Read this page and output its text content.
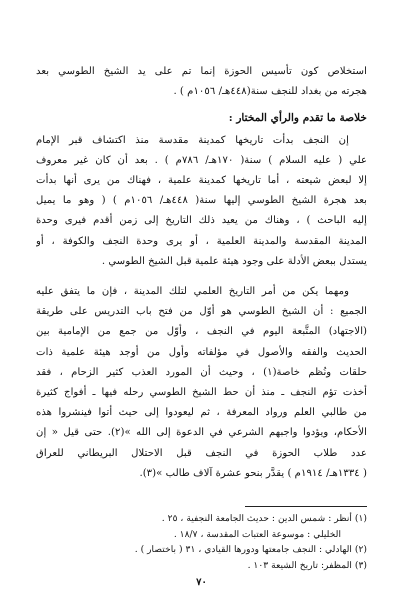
استخلاص كون تأسيس الحوزة إنما تم على يد الشيخ الطوسي بعد
هجرته من بغداد للنجف سنة(٤٤٨هـ/ ١٠٥٦م ) .

خلاصة ما تقدم والرأي المختار :

إن النجف بدأت تاريخها كمدينة مقدسة منذ اكتشاف قبر الإمام
علي ( عليه السلام ) سنة( ١٧٠هـ/ ٧٨٦م ) . بعد أن كان غير معروف
إلا لبعض شيعته ، أما تاريخها كمدينة علمية ، فهناك من يرى أنها بدأت
بعد هجرة الشيخ الطوسي إليها سنة( ٤٤٨هـ/ ١٠٥٦م ) ( وهو ما يميل
إليه الباحث ) ، وهناك من يعيد ذلك التاريخ إلى زمن أقدم فيرى وحدة
المدينة المقدسة والمدينة العلمية ، أو يرى وحدة النجف والكوفة ، أو
يستدل ببعض الأدلة على وجود هيئة علمية قبل الشيخ الطوسي .

ومهما يكن من أمر التاريخ العلمي لتلك المدينة ، فإن ما يتفق عليه
الجميع : أن الشيخ الطوسي هو أوّل من فتح باب التدريس على طريقة
(الاجتهاد) المتَّبعة اليوم في النجف ، وأوّل من جمع من الإمامية بين
الحديث والفقه والأصول في مؤلفاته وأول من أوجد هيئة علمية ذات
حلقات ونُظم خاصة(١) ، وحيث أن المورد العذب كثير الزحام ، فقد
أخذت تؤم النجف ـ منذ أن حط الشيخ الطوسي رحله فيها ـ أفواج كثيرة
من طالبي العلم ورواد المعرفة ، ثم ليعودوا إلى حيث أتوا فينشروا هذه
الأحكام، ويؤدوا واجبهم الشرعي في الدعوة إلى الله »(٢). حتى قيل « إن
عدد طلاب الحوزة في النجف قبل الاحتلال البريطاني للعراق
( ١٣٣٤هـ/ ١٩١٤م ) يقدَّر بنحو عشرة آلاف طالب »(٣).

(١) أنظر : شمس الدين : حديث الجامعة النجفية ، ٢٥ .
الخليلي : موسوعة العتبات المقدسة ، ١٨/٧ .
(٢) الهادلي : النجف جامعتها ودورها القيادي ، ٣١ ( باختصار ) .
(٣) المظفر: تاريخ الشيعة ١٠٣ .
٧٠
